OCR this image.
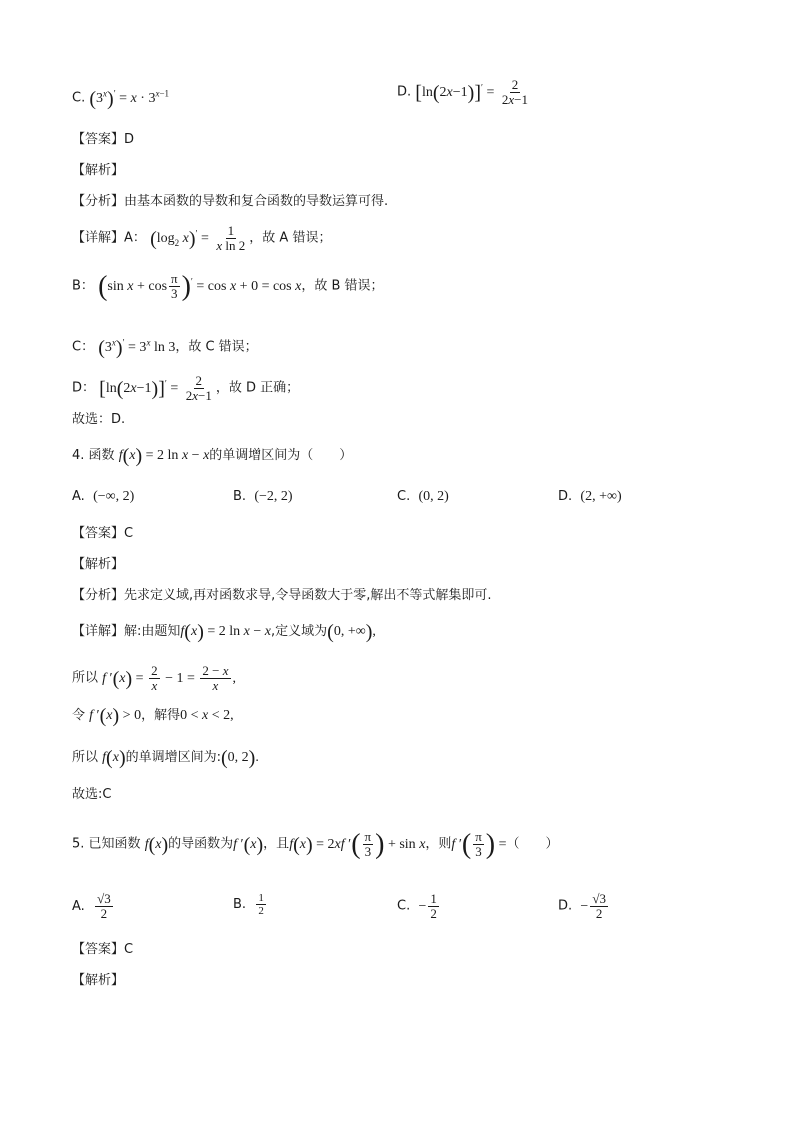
C. $(3^x)' = x \cdot 3^{x-1}$	D. $[\ln(2x-1)]' = \frac{2}{2x-1}$
【答案】D
【解析】
【分析】由基本函数的导数和复合函数的导数运算可得.
【详解】A： ($\log_2$ $x)' = \frac{1}{\text{x ln 2}}$ ，故 A 错误；
B： (sin $x + \cos \frac{\pi}{3} )' = \cos x + 0 = \cos x$，故 B 错误；
C： $(3^x)' = 3^x$ ln 3，故 C 错误；
D： $[\ln(2x-1)]' = \frac{2}{2x-1}$ ，故 D 正确；
故选：D.
4. 函数 f(x) = 2 ln x − x的单调增区间为（　　）
A. (−∞, 2)	B. (−2, 2)	C. (0, 2)	D. (2, +∞)
【答案】C
【解析】
【分析】先求定义域,再对函数求导,令导函数大于零,解出不等式解集即可.
【详解】解:由题知f(x) = 2 ln x − x,定义域为(0, +∞),
所以 f $'(x) = \frac{2}{x} - 1 = \frac{2 - x}{x}$ ,
令 f ′(x) > 0，解得0 < x < 2,
所以 f(x)的单调增区间为:(0, 2).
故选:C
5. 已知函数 f(x)的导函数为f ′(x)，且f(x) = 2xf ′( $\frac{\pi}{3}$ ) + sin x，则f ′( $\frac{\pi}{3}$ ) =（　　）
A. $\frac{√3}{2}$	B. $\frac{1}{2}$	C. − $\frac{1}{2}$	D. − $\frac{√3}{2}$
【答案】C
【解析】
